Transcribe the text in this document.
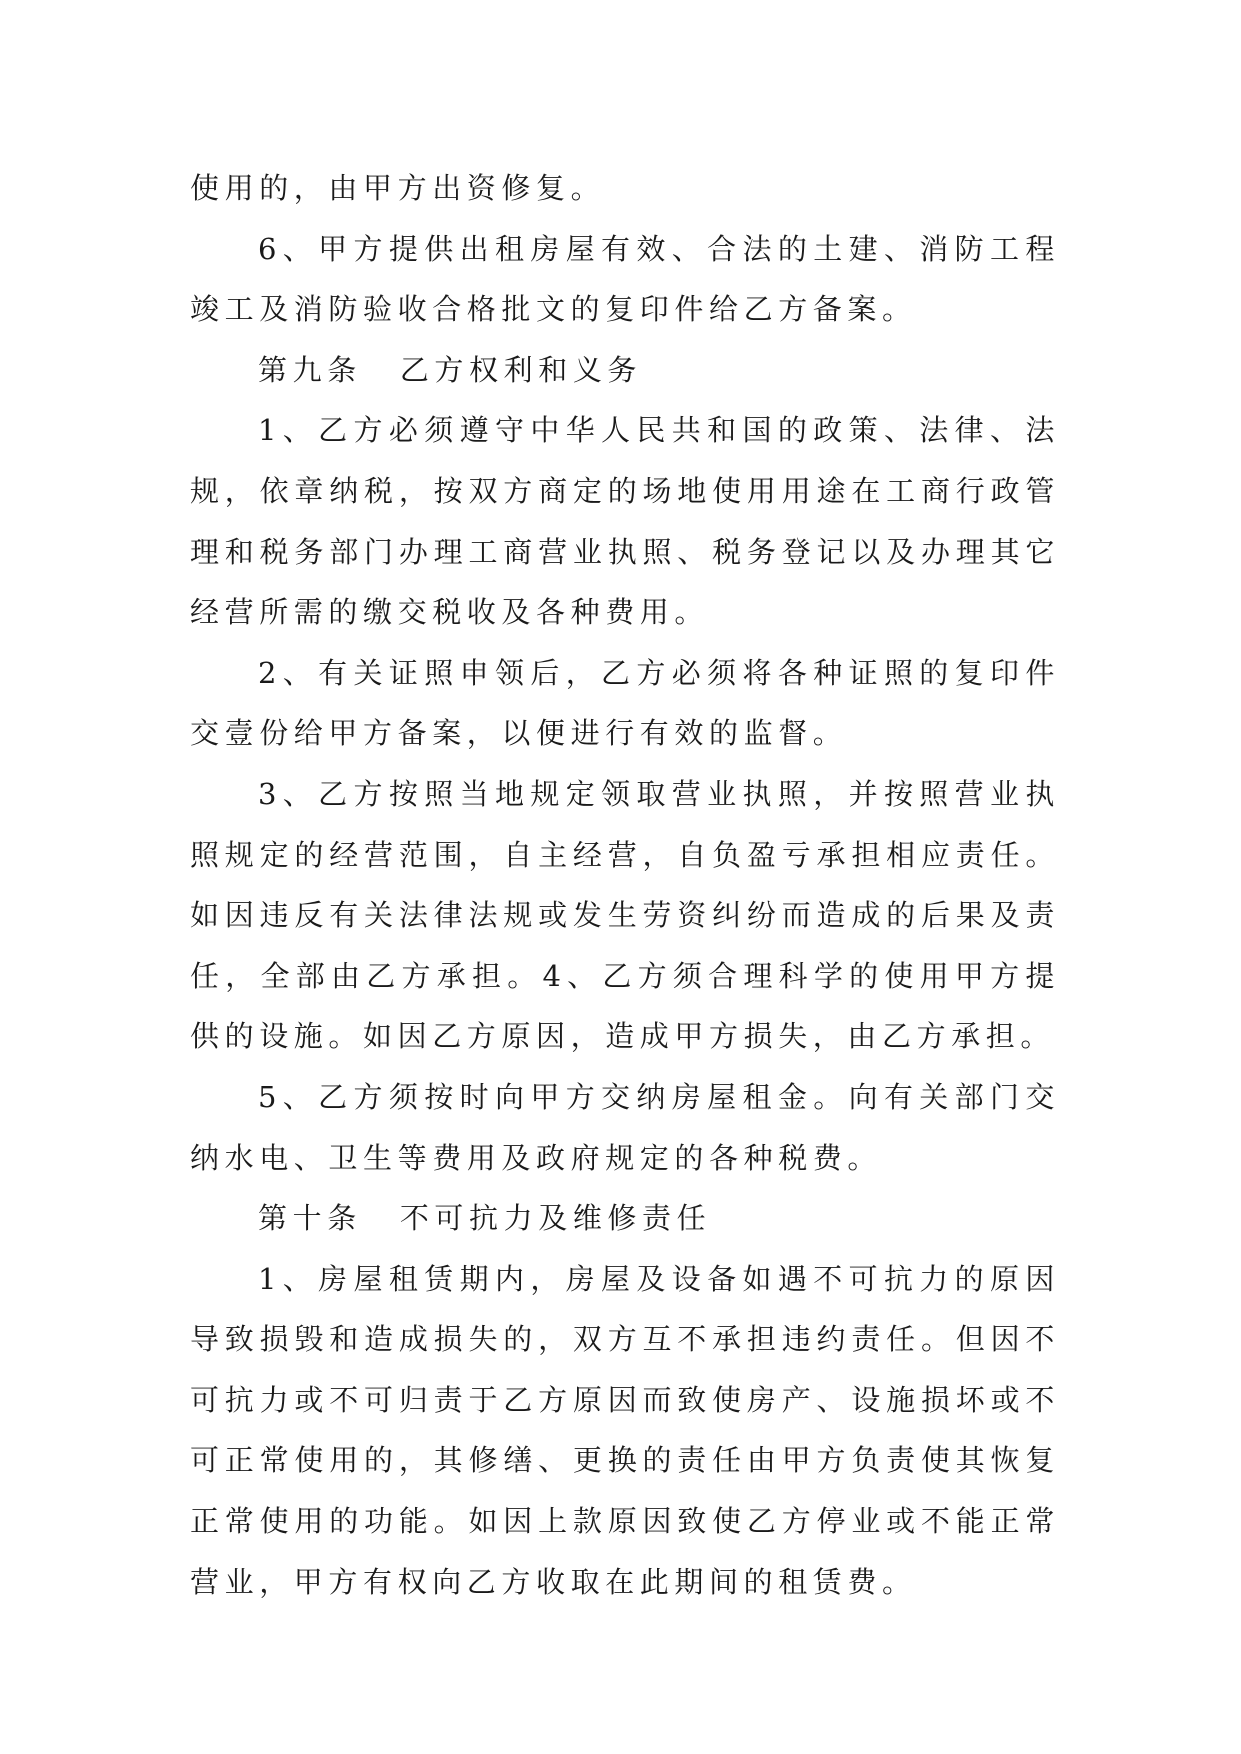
使用的，由甲方出资修复。

6、甲方提供出租房屋有效、合法的土建、消防工程竣工及消防验收合格批文的复印件给乙方备案。

第九条 乙方权利和义务

1、乙方必须遵守中华人民共和国的政策、法律、法规，依章纳税，按双方商定的场地使用用途在工商行政管理和税务部门办理工商营业执照、税务登记以及办理其它经营所需的缴交税收及各种费用。

2、有关证照申领后，乙方必须将各种证照的复印件交壹份给甲方备案，以便进行有效的监督。

3、乙方按照当地规定领取营业执照，并按照营业执照规定的经营范围，自主经营，自负盈亏承担相应责任。如因违反有关法律法规或发生劳资纠纷而造成的后果及责任，全部由乙方承担。4、乙方须合理科学的使用甲方提供的设施。如因乙方原因，造成甲方损失，由乙方承担。

5、乙方须按时向甲方交纳房屋租金。向有关部门交纳水电、卫生等费用及政府规定的各种税费。

第十条 不可抗力及维修责任

1、房屋租赁期内，房屋及设备如遇不可抗力的原因导致损毁和造成损失的，双方互不承担违约责任。但因不可抗力或不可归责于乙方原因而致使房产、设施损坏或不可正常使用的，其修缮、更换的责任由甲方负责使其恢复正常使用的功能。如因上款原因致使乙方停业或不能正常营业，甲方有权向乙方收取在此期间的租赁费。
